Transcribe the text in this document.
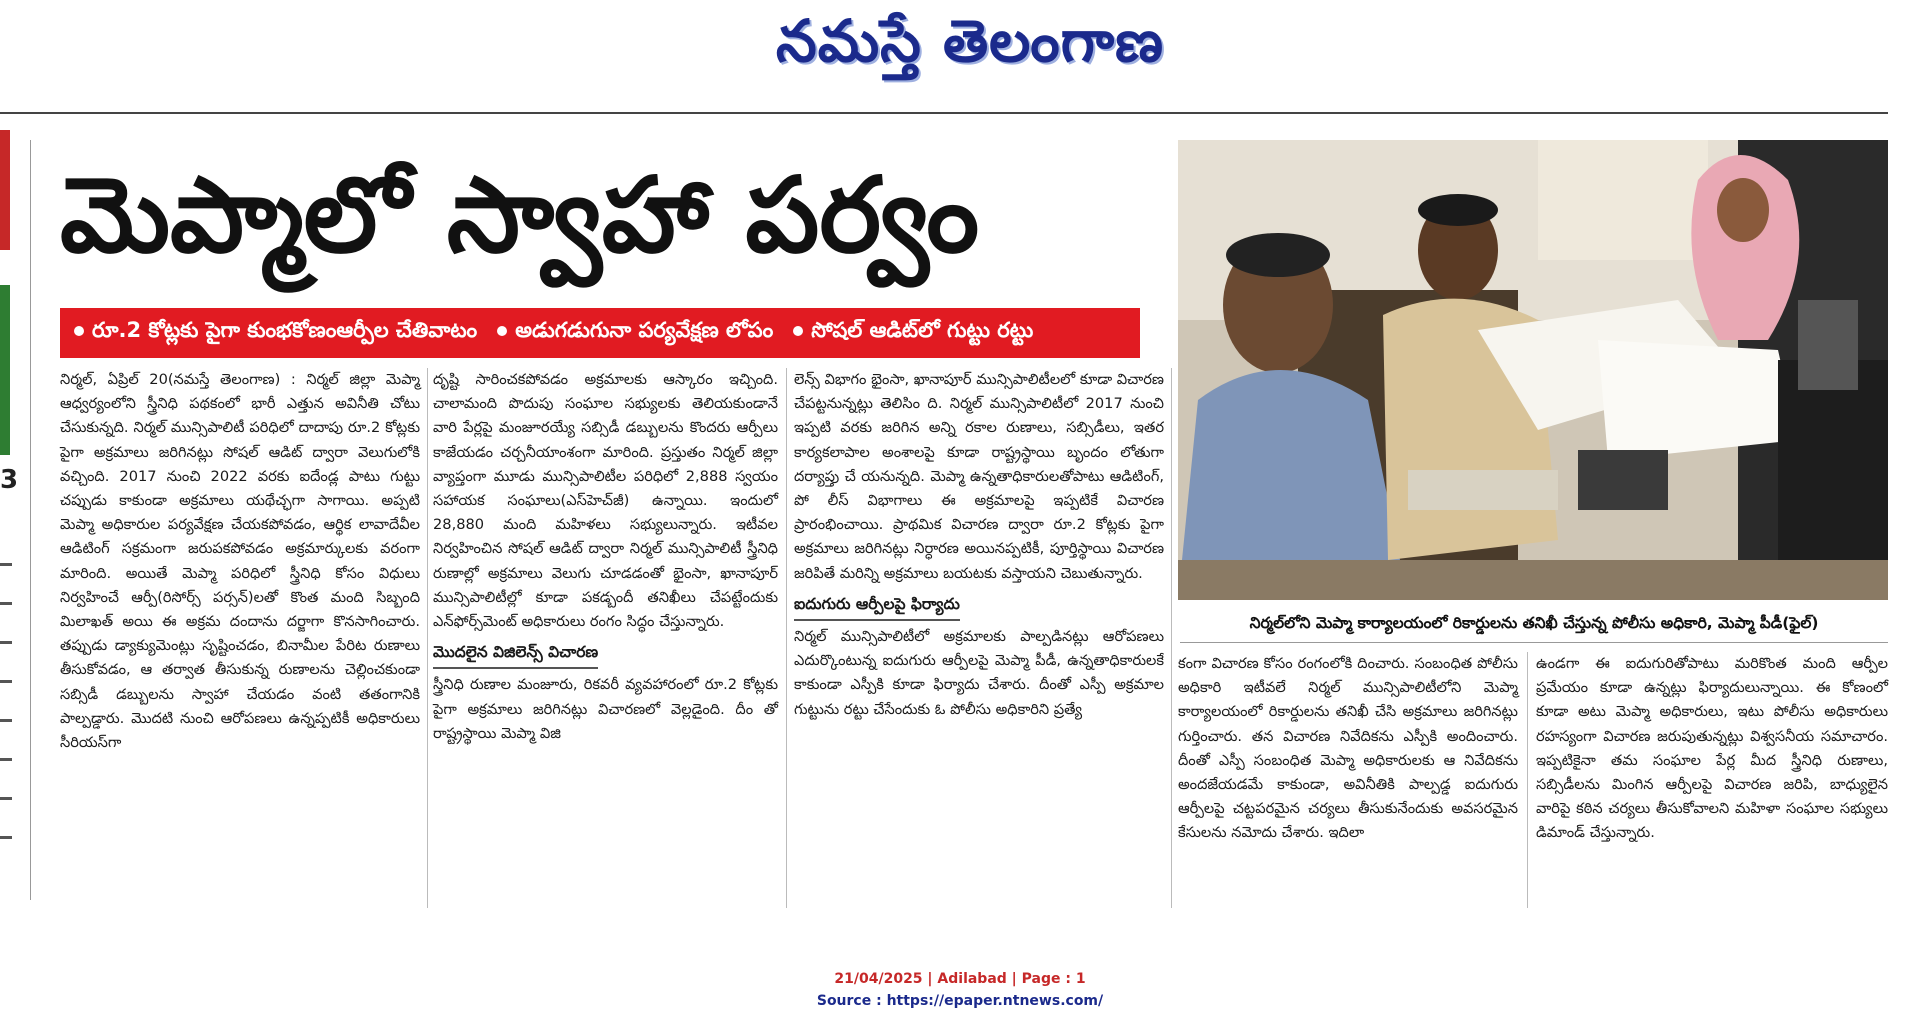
నమస్తే తెలంగాణ
3
మెప్మాలో స్వాహా పర్వం
రూ.2 కోట్లకు పైగా కుంభకోణంఆర్పీల చేతివాటం	అడుగడుగునా పర్యవేక్షణ లోపం	సోషల్ ఆడిట్‌లో గుట్టు రట్టు
నిర్మల్‌లోని మెప్మా కార్యాలయంలో రికార్డులను తనిఖీ చేస్తున్న పోలీసు అధికారి, మెప్మా పీడీ(ఫైల్)

నిర్మల్, ఏప్రిల్ 20(నమస్తే తెలంగాణ) : నిర్మల్ జిల్లా మెప్మా ఆధ్వర్యంలోని స్త్రీనిధి పథకంలో భారీ ఎత్తున అవినీతి చోటు చేసుకున్నది. నిర్మల్ మున్సిపాలిటీ పరిధిలో దాదాపు రూ.2 కోట్లకు పైగా అక్రమాలు జరిగినట్లు సోషల్ ఆడిట్ ద్వారా వెలుగులోకి వచ్చింది. 2017 నుంచి 2022 వరకు ఐదేండ్ల పాటు గుట్టు చప్పుడు కాకుండా అక్రమాలు యథేచ్ఛగా సాగాయి. అప్పటి మెప్మా అధికారుల పర్యవేక్షణ చేయకపోవడం, ఆర్థిక లావాదేవీల ఆడిటింగ్ సక్రమంగా జరుపకపోవడం అక్రమార్కులకు వరంగా మారింది. అయితే మెప్మా పరిధిలో స్త్రీనిధి కోసం విధులు నిర్వహించే ఆర్పీ(రిసోర్స్ పర్సన్)లతో కొంత మంది సిబ్బంది మిలాఖత్ అయి ఈ అక్రమ దందాను దర్జాగా కొనసాగించారు. తప్పుడు డ్యాక్యుమెంట్లు సృష్టించడం, బినామీల పేరిట రుణాలు తీసుకోవడం, ఆ తర్వాత తీసుకున్న రుణాలను చెల్లించకుండా సబ్సిడీ డబ్బులను స్వాహా చేయడం వంటి తతంగానికి పాల్పడ్డారు. మొదటి నుంచి ఆరోపణలు ఉన్నప్పటికీ అధికారులు సీరియస్‌గా

దృష్టి సారించకపోవడం అక్రమాలకు ఆస్కారం ఇచ్చింది. చాలామంది పొదుపు సంఘాల సభ్యులకు తెలియకుండానే వారి పేర్లపై మంజూరయ్యే సబ్సిడీ డబ్బులను కొందరు ఆర్పీలు కాజేయడం చర్చనీయాంశంగా మారింది. ప్రస్తుతం నిర్మల్ జిల్లా వ్యాప్తంగా మూడు మున్సిపాలిటీల పరిధిలో 2,888 స్వయం సహాయక సంఘాలు(ఎస్‌హెచ్‌జీ) ఉన్నాయి. ఇందులో 28,880 మంది మహిళలు సభ్యులున్నారు. ఇటీవల నిర్వహించిన సోషల్ ఆడిట్ ద్వారా నిర్మల్ మున్సిపాలిటీ స్త్రీనిధి రుణాల్లో అక్రమాలు వెలుగు చూడడంతో భైంసా, ఖానాపూర్ మున్సిపాలిటీల్లో కూడా పకడ్బందీ తనిఖీలు చేపట్టేందుకు ఎన్‌ఫోర్స్‌మెంట్ అధికారులు రంగం సిద్ధం చేస్తున్నారు.

మొదలైన విజిలెన్స్ విచారణ

స్త్రీనిధి రుణాల మంజూరు, రికవరీ వ్యవహారంలో రూ.2 కోట్లకు పైగా అక్రమాలు జరిగినట్లు విచారణలో వెల్లడైంది. దీం తో రాష్ట్రస్థాయి మెప్మా విజి

లెన్స్ విభాగం భైంసా, ఖానాపూర్ మున్సిపాలిటీలలో కూడా విచారణ చేపట్టనున్నట్లు తెలిసిం ది. నిర్మల్ మున్సిపాలిటీలో 2017 నుంచి ఇప్పటి వరకు జరిగిన అన్ని రకాల రుణాలు, సబ్సిడీలు, ఇతర కార్యకలాపాల అంశాలపై కూడా రాష్ట్రస్థాయి బృందం లోతుగా దర్యాప్తు చే యనున్నది. మెప్మా ఉన్నతాధికారులతోపాటు ఆడిటింగ్, పో లీస్ విభాగాలు ఈ అక్రమాలపై ఇప్పటికే విచారణ ప్రారంభించాయి. ప్రాథమిక విచారణ ద్వారా రూ.2 కోట్లకు పైగా అక్రమాలు జరిగినట్లు నిర్ధారణ అయినప్పటికీ, పూర్తిస్థాయి విచారణ జరిపితే మరిన్ని అక్రమాలు బయటకు వస్తాయని చెబుతున్నారు.

ఐదుగురు ఆర్పీలపై ఫిర్యాదు

నిర్మల్ మున్సిపాలిటీలో అక్రమాలకు పాల్పడినట్లు ఆరోపణలు ఎదుర్కొంటున్న ఐదుగురు ఆర్పీలపై మెప్మా పీడీ, ఉన్నతాధికారులకే కాకుండా ఎస్పీకి కూడా ఫిర్యాదు చేశారు. దీంతో ఎస్పీ అక్రమాల గుట్టును రట్టు చేసేందుకు ఓ పోలీసు అధికారిని ప్రత్యే

కంగా విచారణ కోసం రంగంలోకి దించారు. సంబంధిత పోలీసు అధికారి ఇటీవలే నిర్మల్ మున్సిపాలిటీలోని మెప్మా కార్యాలయంలో రికార్డులను తనిఖీ చేసి అక్రమాలు జరిగినట్లు గుర్తించారు. తన విచారణ నివేదికను ఎస్పీకి అందించారు. దీంతో ఎస్పీ సంబంధిత మెప్మా అధికారులకు ఆ నివేదికను అందజేయడమే కాకుండా, అవినీతికి పాల్పడ్డ ఐదుగురు ఆర్పీలపై చట్టపరమైన చర్యలు తీసుకునేందుకు అవసరమైన కేసులను నమోదు చేశారు. ఇదిలా

ఉండగా ఈ ఐదుగురితోపాటు మరికొంత మంది ఆర్పీల ప్రమేయం కూడా ఉన్నట్లు ఫిర్యాదులున్నాయి. ఈ కోణంలో కూడా అటు మెప్మా అధికారులు, ఇటు పోలీసు అధికారులు రహస్యంగా విచారణ జరుపుతున్నట్లు విశ్వసనీయ సమాచారం. ఇప్పటికైనా తమ సంఘాల పేర్ల మీద స్త్రీనిధి రుణాలు, సబ్సిడీలను మింగిన ఆర్పీలపై విచారణ జరిపి, బాధ్యులైన వారిపై కఠిన చర్యలు తీసుకోవాలని మహిళా సంఘాల సభ్యులు డిమాండ్ చేస్తున్నారు.

21/04/2025 | Adilabad | Page : 1
Source : https://epaper.ntnews.com/
